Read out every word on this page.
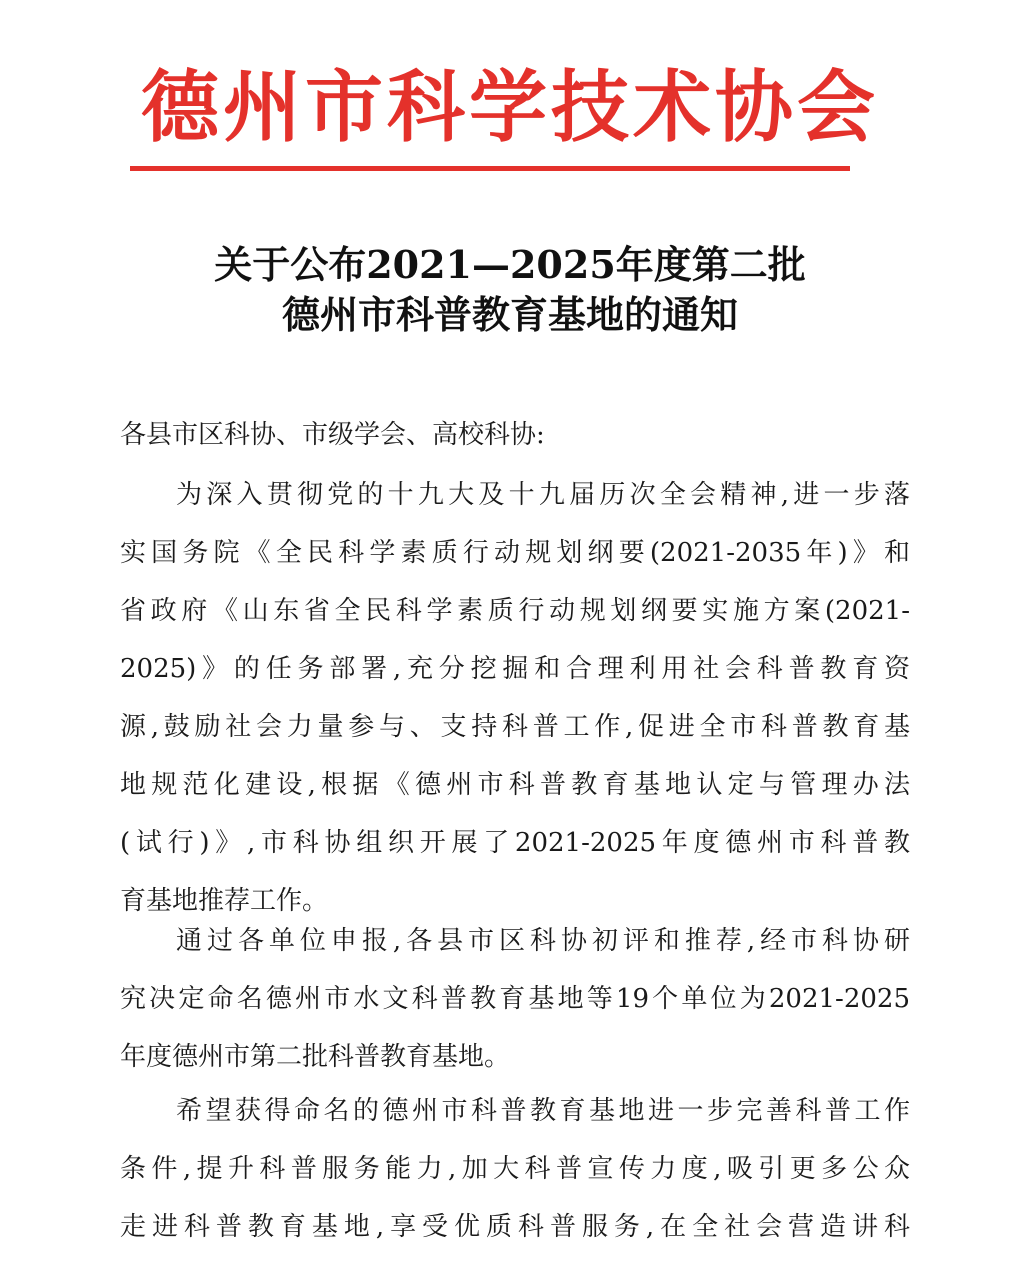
德州市科学技术协会
关于公布2021—2025年度第二批
德州市科普教育基地的通知
各县市区科协、市级学会、高校科协:
为深入贯彻党的十九大及十九届历次全会精神,进一步落
实国务院《全民科学素质行动规划纲要(2021-2035年)》和
省政府《山东省全民科学素质行动规划纲要实施方案(2021-
2025)》的任务部署,充分挖掘和合理利用社会科普教育资
源,鼓励社会力量参与、支持科普工作,促进全市科普教育基
地规范化建设,根据《德州市科普教育基地认定与管理办法
(试行)》,市科协组织开展了2021-2025年度德州市科普教
育基地推荐工作。
通过各单位申报,各县市区科协初评和推荐,经市科协研
究决定命名德州市水文科普教育基地等19个单位为2021-2025
年度德州市第二批科普教育基地。
希望获得命名的德州市科普教育基地进一步完善科普工作
条件,提升科普服务能力,加大科普宣传力度,吸引更多公众
走进科普教育基地,享受优质科普服务,在全社会营造讲科
